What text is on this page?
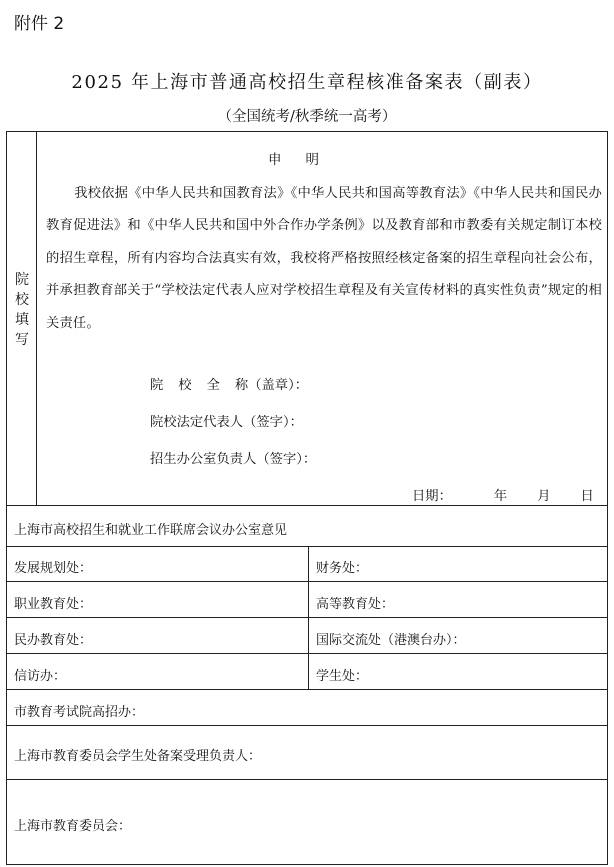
附件 2
2025 年上海市普通高校招生章程核准备案表（副表）
（全国统考/秋季统一高考）
院
校
填
写
申 明
我校依据《中华人民共和国教育法》《中华人民共和国高等教育法》《中华人民共和国民办教育促进法》和《中华人民共和国中外合作办学条例》以及教育部和市教委有关规定制订本校的招生章程，所有内容均合法真实有效，我校将严格按照经核定备案的招生章程向社会公布，并承担教育部关于“学校法定代表人应对学校招生章程及有关宣传材料的真实性负责”规定的相关责任。
院 校 全 称（盖章）：
院校法定代表人（签字）：
招生办公室负责人（签字）：
日期：	年 月 日
上海市高校招生和就业工作联席会议办公室意见
发展规划处：	财务处：
职业教育处：	高等教育处：
民办教育处：	国际交流处（港澳台办）：
信访办：	学生处：
市教育考试院高招办：
上海市教育委员会学生处备案受理负责人：
上海市教育委员会：
